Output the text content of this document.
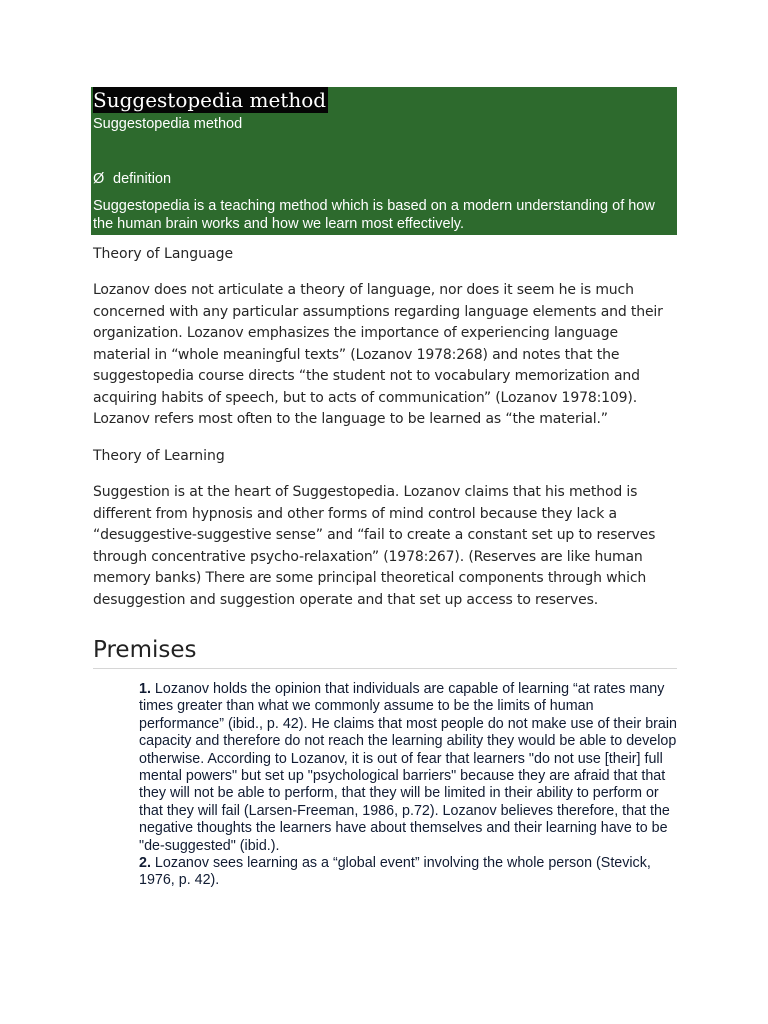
Suggestopedia method
Suggestopedia method
Ø definition
Suggestopedia is a teaching method which is based on a modern understanding of how the human brain works and how we learn most effectively.
Theory of Language
Lozanov does not articulate a theory of language, nor does it seem he is much concerned with any particular assumptions regarding language elements and their organization. Lozanov emphasizes the importance of experiencing language material in “whole meaningful texts” (Lozanov 1978:268) and notes that the suggestopedia course directs “the student not to vocabulary memorization and acquiring habits of speech, but to acts of communication” (Lozanov 1978:109). Lozanov refers most often to the language to be learned as “the material.”
Theory of Learning
Suggestion is at the heart of Suggestopedia. Lozanov claims that his method is different from hypnosis and other forms of mind control because they lack a “desuggestive-suggestive sense” and “fail to create a constant set up to reserves through concentrative psycho-relaxation” (1978:267). (Reserves are like human memory banks) There are some principal theoretical components through which desuggestion and suggestion operate and that set up access to reserves.
Premises
1. Lozanov holds the opinion that individuals are capable of learning “at rates many times greater than what we commonly assume to be the limits of human performance” (ibid., p. 42). He claims that most people do not make use of their brain capacity and therefore do not reach the learning ability they would be able to develop otherwise. According to Lozanov, it is out of fear that learners "do not use [their] full mental powers" but set up "psychological barriers" because they are afraid that that they will not be able to perform, that they will be limited in their ability to perform or that they will fail (Larsen-Freeman, 1986, p.72). Lozanov believes therefore, that the negative thoughts the learners have about themselves and their learning have to be "de-suggested" (ibid.).
2. Lozanov sees learning as a “global event” involving the whole person (Stevick, 1976, p. 42).
